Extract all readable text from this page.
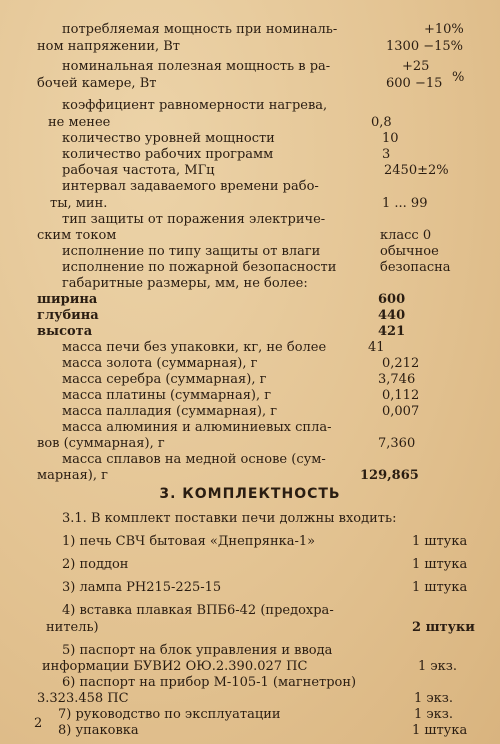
потребляемая мощность при номиналь-	+10%
ном напряжении, Вт	1300 −15%
номинальная полезная мощность в ра-	+25
бочей камере, Вт	600 −15 %
коэффициент равномерности нагрева,
не менее	0,8
количество уровней мощности	10
количество рабочих программ	3
рабочая частота, МГц	2450±2%
интервал задаваемого времени рабо-
ты, мин.	1 ... 99
тип защиты от поражения электриче-
ским током	класс 0
исполнение по типу защиты от влаги	обычное
исполнение по пожарной безопасности	безопасна
габаритные размеры, мм, не более:
ширина	600
глубина	440
высота	421
масса печи без упаковки, кг, не более	41
масса золота (суммарная), г	0,212
масса серебра (суммарная), г	3,746
масса платины (суммарная), г	0,112
масса палладия (суммарная), г	0,007
масса алюминия и алюминиевых спла-
вов (суммарная), г	7,360
масса сплавов на медной основе (сум-
марная), г	129,865
3. КОМПЛЕКТНОСТЬ
3.1. В комплект поставки печи должны входить:
1) печь СВЧ бытовая «Днепрянка-1»	1 штука
2) поддон	1 штука
3) лампа РН215-225-15	1 штука
4) вставка плавкая ВПБ6-42 (предохра-
нитель)	2 штуки
5) паспорт на блок управления и ввода
информации БУВИ2 ОЮ.2.390.027 ПС	1 экз.
6) паспорт на прибор М-105-1 (магнетрон)
3.323.458 ПС	1 экз.
7) руководство по эксплуатации	1 экз.
8) упаковка	1 штука
2
